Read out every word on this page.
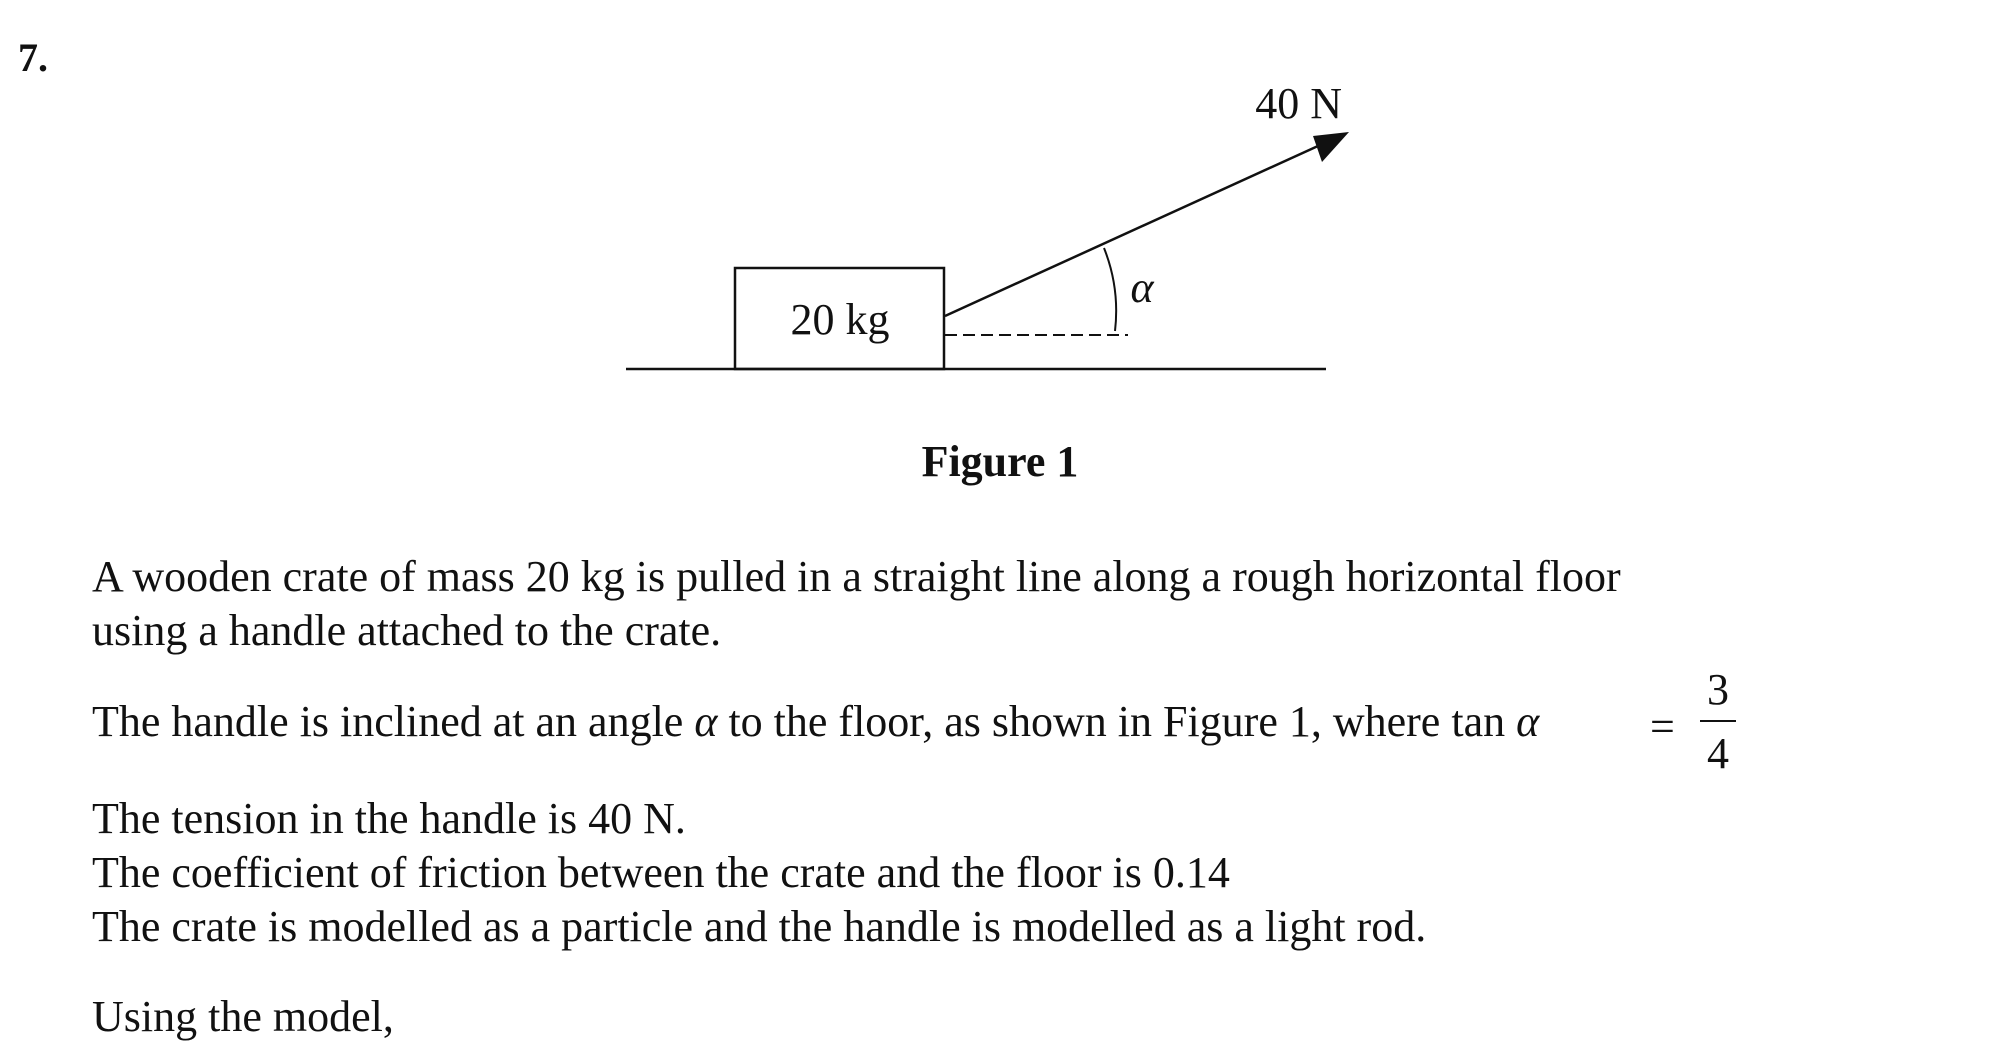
7.
40 N
20 kg
α
Figure 1
A wooden crate of mass 20 kg is pulled in a straight line along a rough horizontal floor
using a handle attached to the crate.
The handle is inclined at an angle α to the floor, as shown in Figure 1, where tan α	=
3
4
The tension in the handle is 40 N.
The coefficient of friction between the crate and the floor is 0.14
The crate is modelled as a particle and the handle is modelled as a light rod.
Using the model,
